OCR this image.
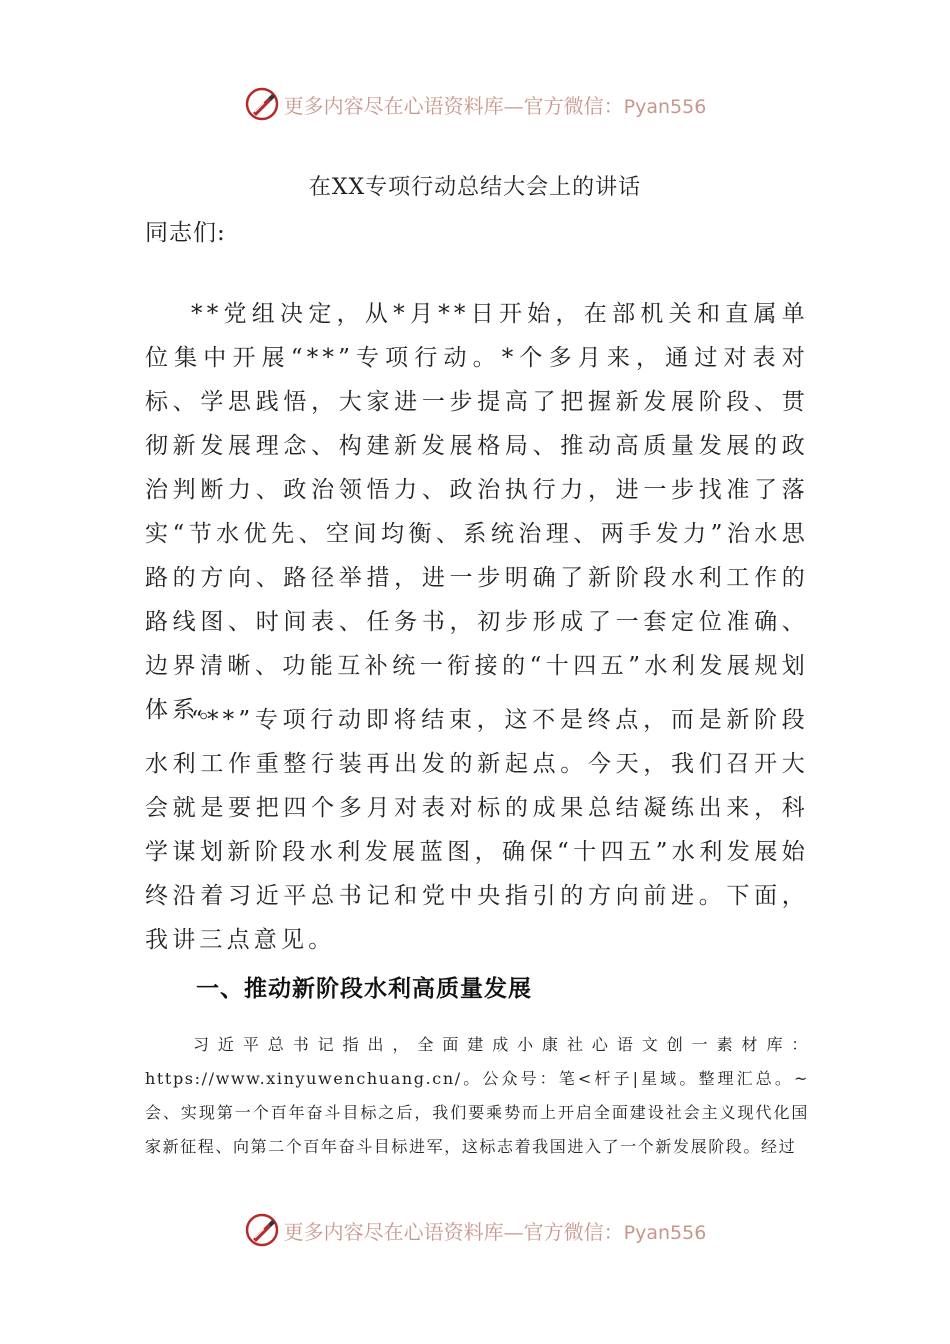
更多内容尽在心语资料库—官方微信：Pyan556
在XX专项行动总结大会上的讲话
同志们:

**党组决定，从*月**日开始，在部机关和直属单位集中开展“**”专项行动。*个多月来，通过对表对标、学思践悟，大家进一步提高了把握新发展阶段、贯彻新发展理念、构建新发展格局、推动高质量发展的政治判断力、政治领悟力、政治执行力，进一步找准了落实“节水优先、空间均衡、系统治理、两手发力”治水思路的方向、路径举措，进一步明确了新阶段水利工作的路线图、时间表、任务书，初步形成了一套定位准确、边界清晰、功能互补统一衔接的“十四五”水利发展规划体系。

“**”专项行动即将结束，这不是终点，而是新阶段水利工作重整行装再出发的新起点。今天，我们召开大会就是要把四个多月对表对标的成果总结凝练出来，科学谋划新阶段水利发展蓝图，确保“十四五”水利发展始终沿着习近平总书记和党中央指引的方向前进。下面，我讲三点意见。

一、推动新阶段水利高质量发展

习近平总书记指出，全面建成小康社心语文创一素材库：https://www.xinyuwenchuang.cn/。公众号：笔<杆子|星域。整理汇总。~会、实现第一个百年奋斗目标之后，我们要乘势而上开启全面建设社会主义现代化国家新征程、向第二个百年奋斗目标进军，这标志着我国进入了一个新发展阶段。经过

更多内容尽在心语资料库—官方微信：Pyan556
